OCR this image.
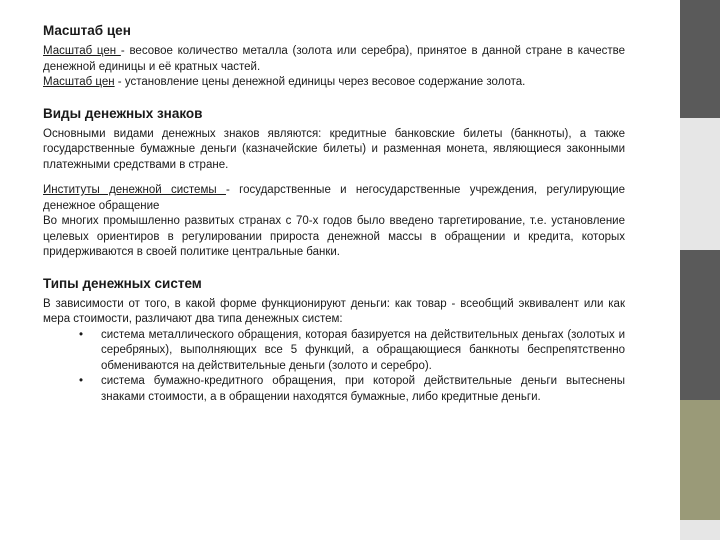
Масштаб цен

Масштаб цен - весовое количество металла (золота или серебра), принятое в данной стране в качестве денежной единицы и её кратных частей.

Масштаб цен - установление цены денежной единицы через весовое содержание золота.

Виды денежных знаков

Основными видами денежных знаков являются: кредитные банковские билеты (банкноты), а также государственные бумажные деньги (казначейские билеты) и разменная монета, являющиеся законными платежными средствами в стране.

Институты денежной системы - государственные и негосударственные учреждения, регулирующие денежное обращение

Во многих промышленно развитых странах с 70-х годов было введено таргетирование, т.е. установление целевых ориентиров в регулировании прироста денежной массы в обращении и кредита, которых придерживаются в своей политике центральные банки.

Типы денежных систем

В зависимости от того, в какой форме функционируют деньги: как товар - всеобщий эквивалент или как мера стоимости, различают два типа денежных систем:

• система металлического обращения, которая базируется на действительных деньгах (золотых и серебряных), выполняющих все 5 функций, а обращающиеся банкноты беспрепятственно обмениваются на действительные деньги (золото и серебро).
• система бумажно-кредитного обращения, при которой действительные деньги вытеснены знаками стоимости, а в обращении находятся бумажные, либо кредитные деньги.
